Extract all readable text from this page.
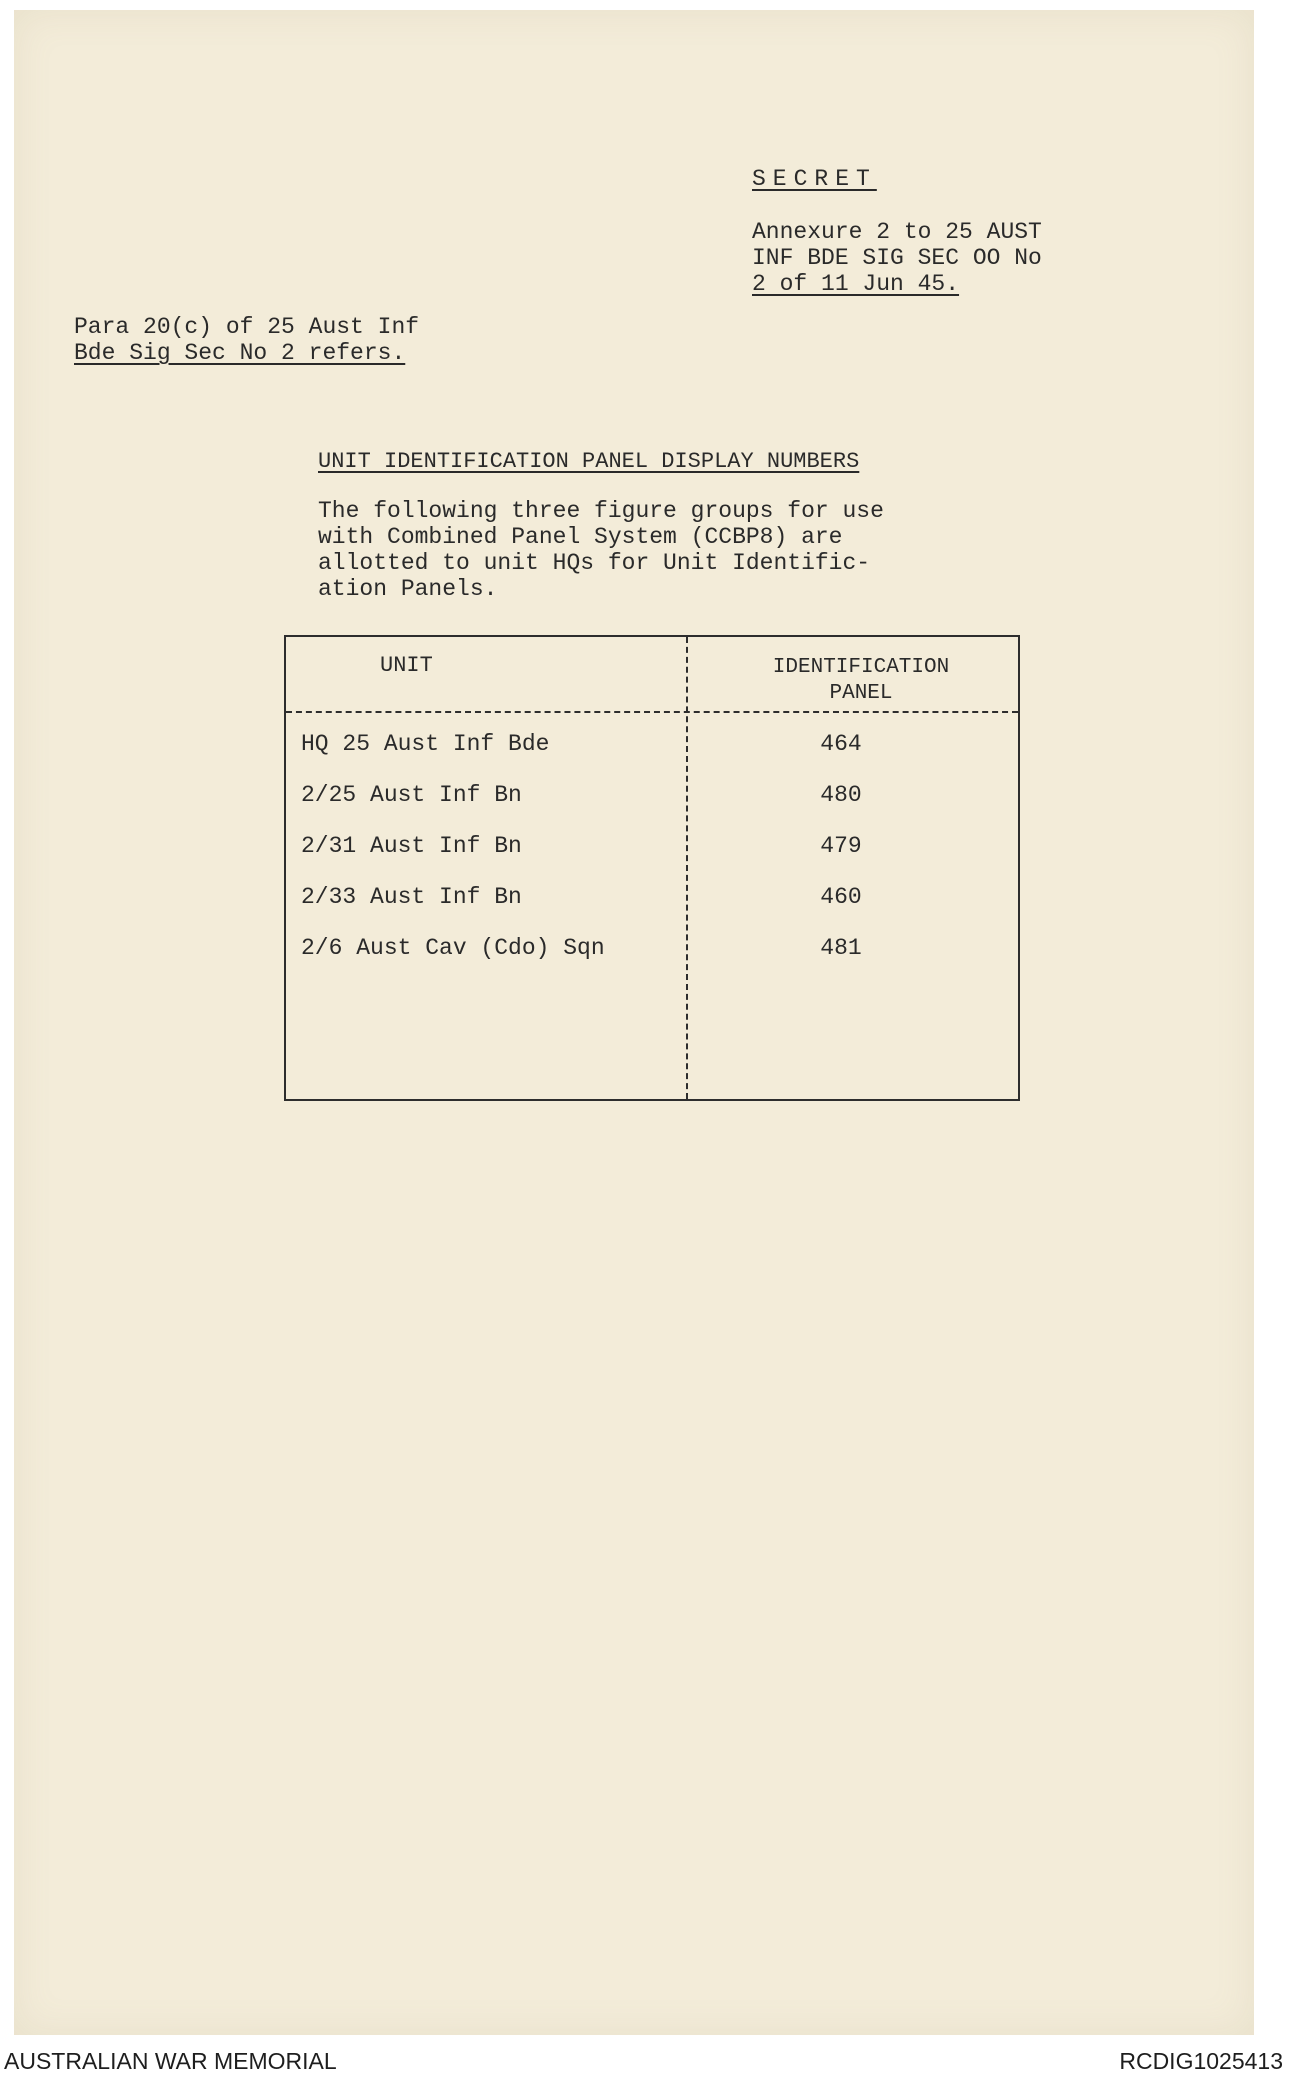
SECRET
Annexure 2 to 25 AUST
INF BDE SIG SEC OO No
2 of 11 Jun 45.
Para 20(c) of 25 Aust Inf
Bde Sig Sec No 2 refers.
UNIT IDENTIFICATION PANEL DISPLAY NUMBERS
The following three figure groups for use
with Combined Panel System (CCBP8) are
allotted to unit HQs for Unit Identific-
ation Panels.
UNIT	IDENTIFICATION
PANEL
HQ 25 Aust Inf Bde	464
2/25 Aust Inf Bn	480
2/31 Aust Inf Bn	479
2/33 Aust Inf Bn	460
2/6 Aust Cav (Cdo) Sqn	481
AUSTRALIAN WAR MEMORIAL	RCDIG1025413
